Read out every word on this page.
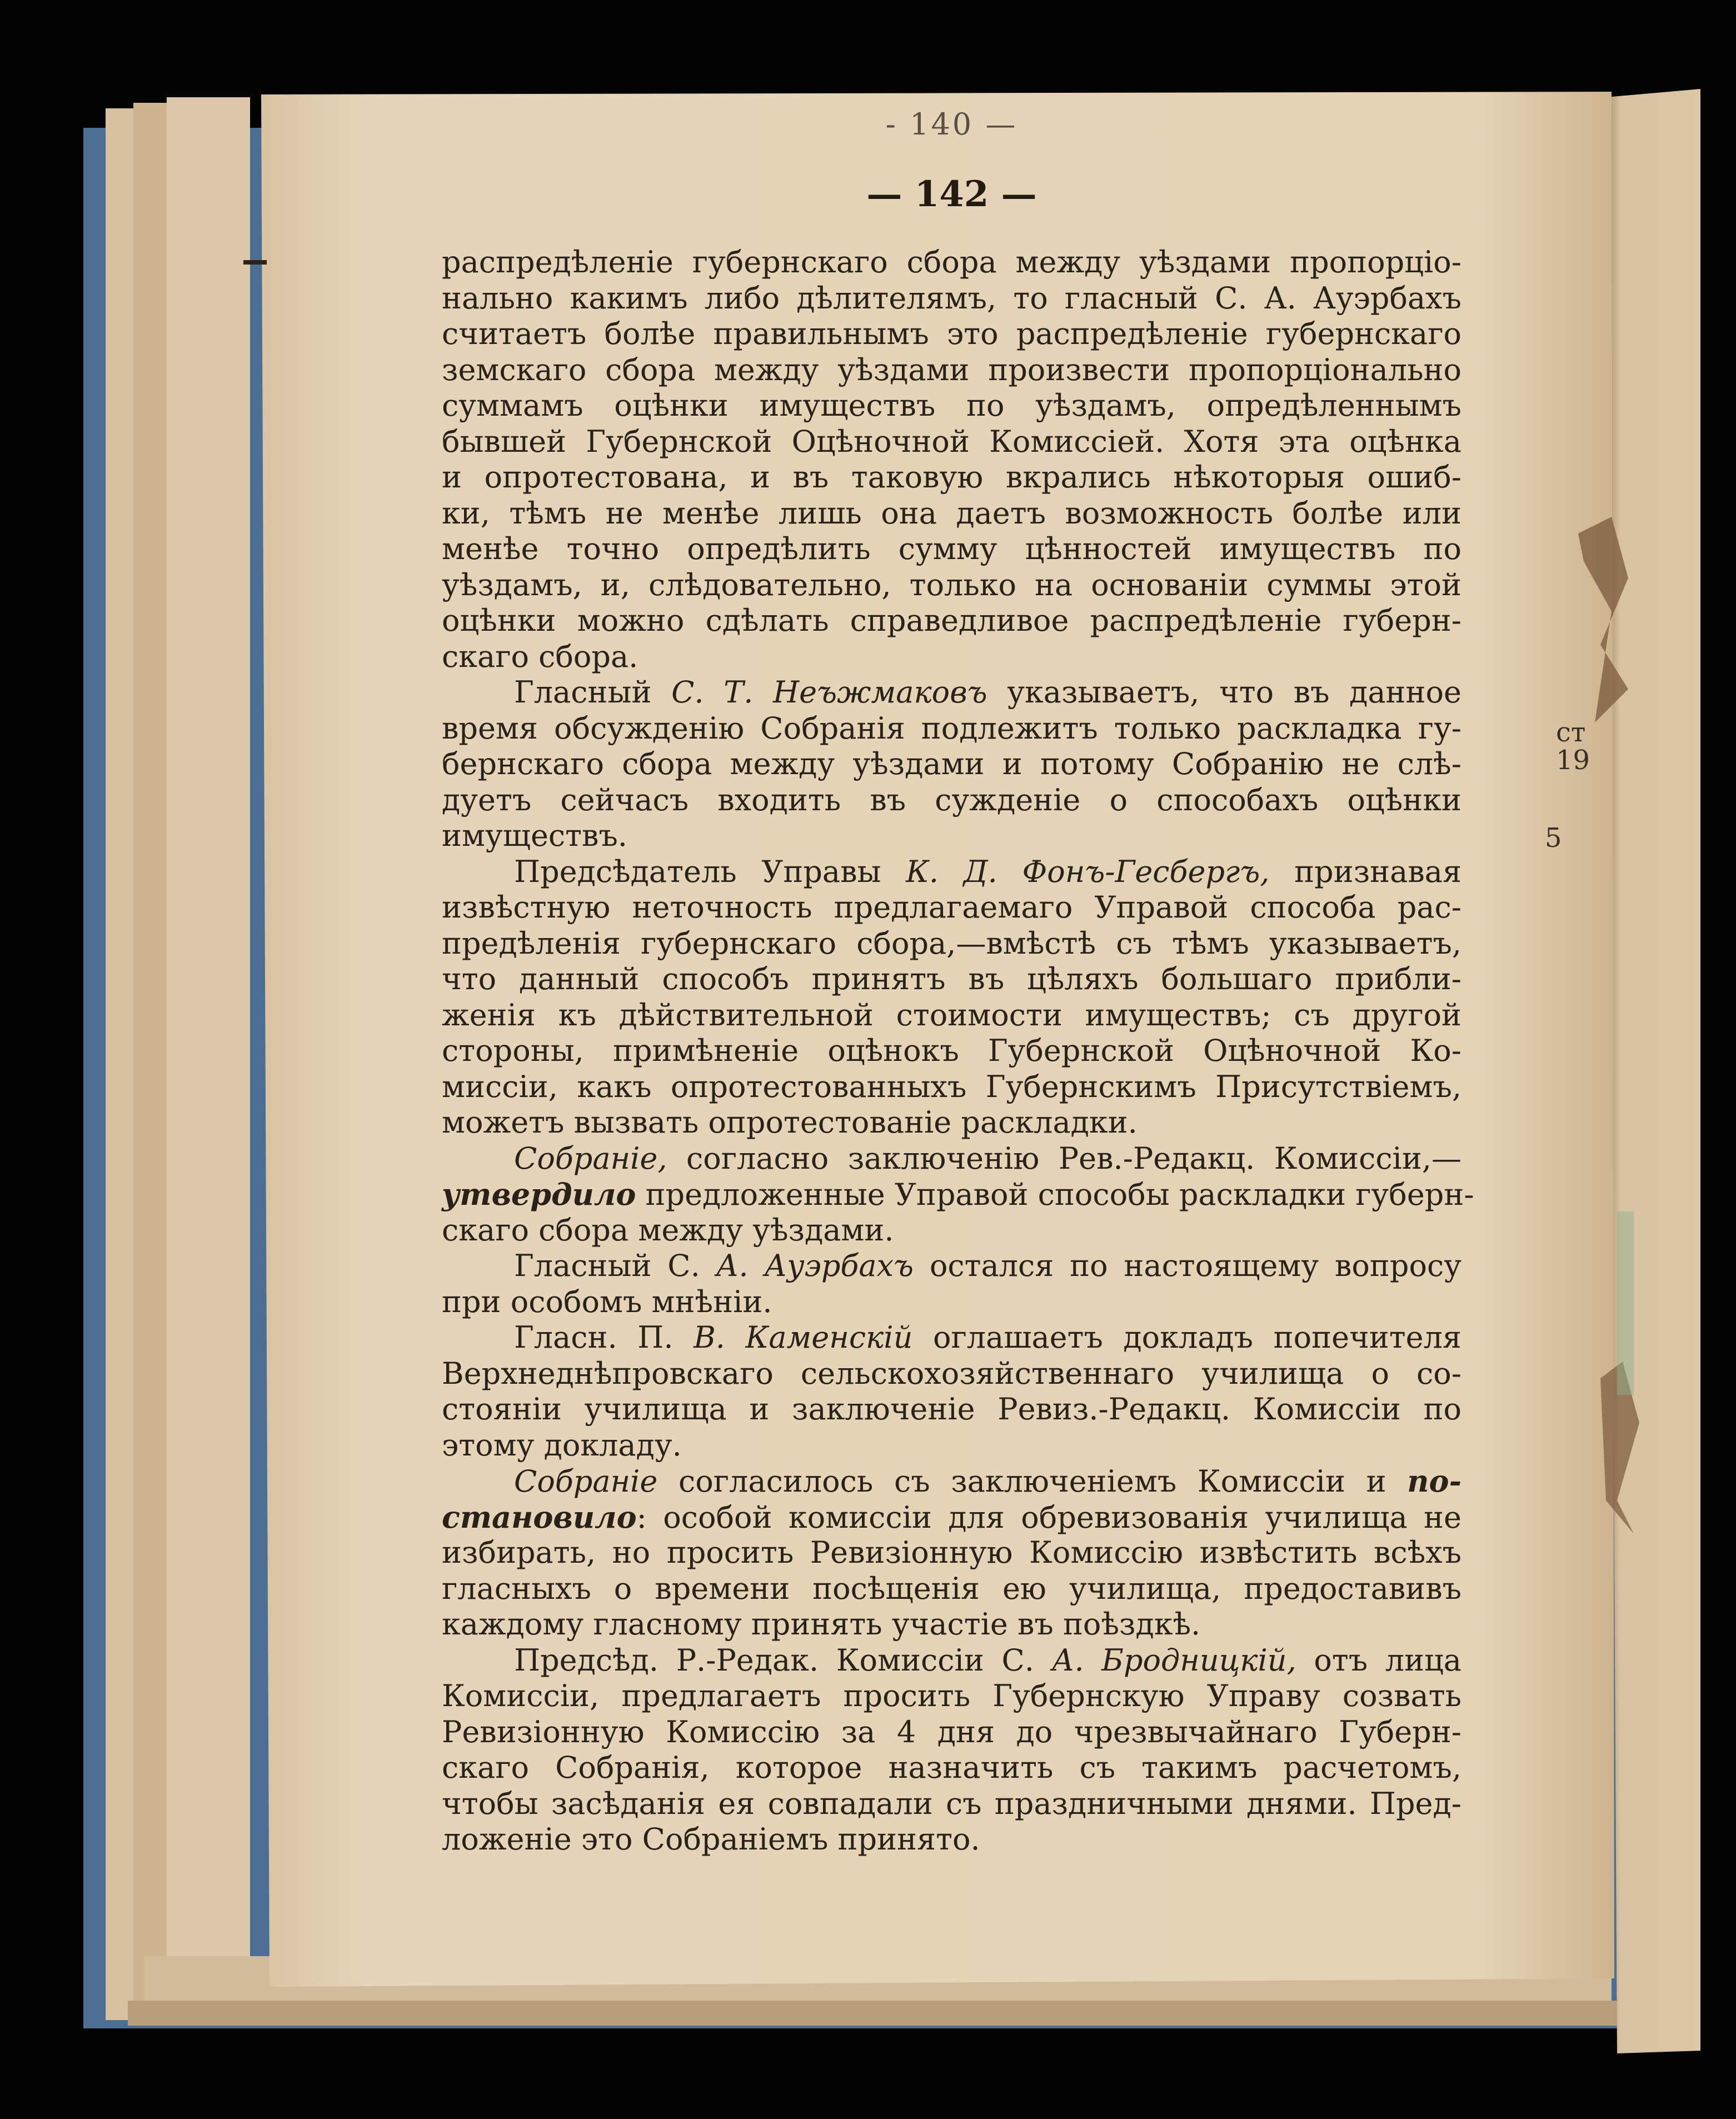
- 140 —
— 142 —
распредѣленіе губернскаго сбора между уѣздами пропорціо-
нально какимъ либо дѣлителямъ, то гласный С. А. Ауэрбахъ
считаетъ болѣе правильнымъ это распредѣленіе губернскаго
земскаго сбора между уѣздами произвести пропорціонально
суммамъ оцѣнки имуществъ по уѣздамъ, опредѣленнымъ
бывшей Губернской Оцѣночной Комиссіей. Хотя эта оцѣнка
и опротестована, и въ таковую вкрались нѣкоторыя ошиб-
ки, тѣмъ не менѣе лишь она даетъ возможность болѣе или
менѣе точно опредѣлить сумму цѣнностей имуществъ по
уѣздамъ, и, слѣдовательно, только на основаніи суммы этой
оцѣнки можно сдѣлать справедливое распредѣленіе губерн-
скаго сбора.
Гласный С. Т. Неъжмаковъ указываетъ, что въ данное
время обсужденію Собранія подлежитъ только раскладка гу-
бернскаго сбора между уѣздами и потому Собранію не слѣ-
дуетъ сейчасъ входить въ сужденіе о способахъ оцѣнки
имуществъ.
Предсѣдатель Управы К. Д. Фонъ-Гесбергъ, признавая
извѣстную неточность предлагаемаго Управой способа рас-
предѣленія губернскаго сбора,—вмѣстѣ съ тѣмъ указываетъ,
что данный способъ принятъ въ цѣляхъ большаго прибли-
женія къ дѣйствительной стоимости имуществъ; съ другой
стороны, примѣненіе оцѣнокъ Губернской Оцѣночной Ко-
миссіи, какъ опротестованныхъ Губернскимъ Присутствіемъ,
можетъ вызвать опротестованіе раскладки.
Собраніе, согласно заключенію Рев.-Редакц. Комиссіи,—
утвердило предложенные Управой способы раскладки губерн-
скаго сбора между уѣздами.
Гласный С. А. Ауэрбахъ остался по настоящему вопросу
при особомъ мнѣніи.
Гласн. П. В. Каменскій оглашаетъ докладъ попечителя
Верхнеднѣпровскаго сельскохозяйственнаго училища о со-
стояніи училища и заключеніе Ревиз.-Редакц. Комиссіи по
этому докладу.
Собраніе согласилось съ заключеніемъ Комиссіи и по-
становило: особой комиссіи для обревизованія училища не
избирать, но просить Ревизіонную Комиссію извѣстить всѣхъ
гласныхъ о времени посѣщенія ею училища, предоставивъ
каждому гласному принять участіе въ поѣздкѣ.
Предсѣд. Р.-Редак. Комиссіи С. А. Бродницкій, отъ лица
Комиссіи, предлагаетъ просить Губернскую Управу созвать
Ревизіонную Комиссію за 4 дня до чрезвычайнаго Губерн-
скаго Собранія, которое назначить съ такимъ расчетомъ,
чтобы засѣданія ея совпадали съ праздничными днями. Пред-
ложеніе это Собраніемъ принято.
ст
19
5
